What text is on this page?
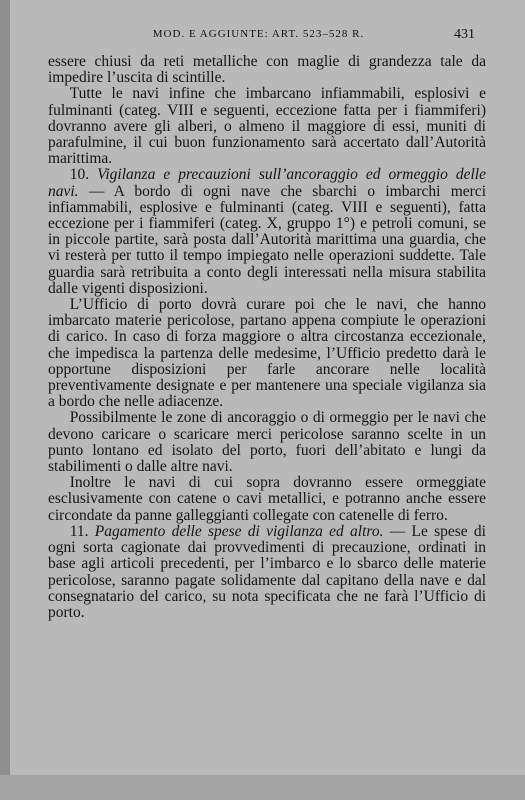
MOD. E AGGIUNTE: ART. 523–528 R.	431

essere chiusi da reti metalliche con maglie di grandezza tale da impedire l’uscita di scintille.

Tutte le navi infine che imbarcano infiammabili, esplosivi e fulminanti (categ. VIII e seguenti, eccezione fatta per i fiammiferi) dovranno avere gli alberi, o almeno il maggiore di essi, muniti di parafulmine, il cui buon funzionamento sarà accertato dall’Autorità marittima.

10. Vigilanza e precauzioni sull’ancoraggio ed ormeggio delle navi. — A bordo di ogni nave che sbarchi o imbarchi merci infiammabili, esplosive e fulminanti (categ. VIII e seguenti), fatta eccezione per i fiammiferi (categ. X, gruppo 1°) e petroli comuni, se in piccole partite, sarà posta dall’Autorità marittima una guardia, che vi resterà per tutto il tempo impiegato nelle operazioni suddette. Tale guardia sarà retribuita a conto degli interessati nella misura stabilita dalle vigenti disposizioni.

L’Ufficio di porto dovrà curare poi che le navi, che hanno imbarcato materie pericolose, partano appena compiute le operazioni di carico. In caso di forza maggiore o altra circostanza eccezionale, che impedisca la partenza delle medesime, l’Ufficio predetto darà le opportune disposizioni per farle ancorare nelle località preventivamente designate e per mantenere una speciale vigilanza sia a bordo che nelle adiacenze.

Possibilmente le zone di ancoraggio o di ormeggio per le navi che devono caricare o scaricare merci pericolose saranno scelte in un punto lontano ed isolato del porto, fuori dell’abitato e lungi da stabilimenti o dalle altre navi.

Inoltre le navi di cui sopra dovranno essere ormeggiate esclusivamente con catene o cavi metallici, e potranno anche essere circondate da panne galleggianti collegate con catenelle di ferro.

11. Pagamento delle spese di vigilanza ed altro. — Le spese di ogni sorta cagionate dai provvedimenti di precauzione, ordinati in base agli articoli precedenti, per l’imbarco e lo sbarco delle materie pericolose, saranno pagate solidamente dal capitano della nave e dal consegnatario del carico, su nota specificata che ne farà l’Ufficio di porto.
